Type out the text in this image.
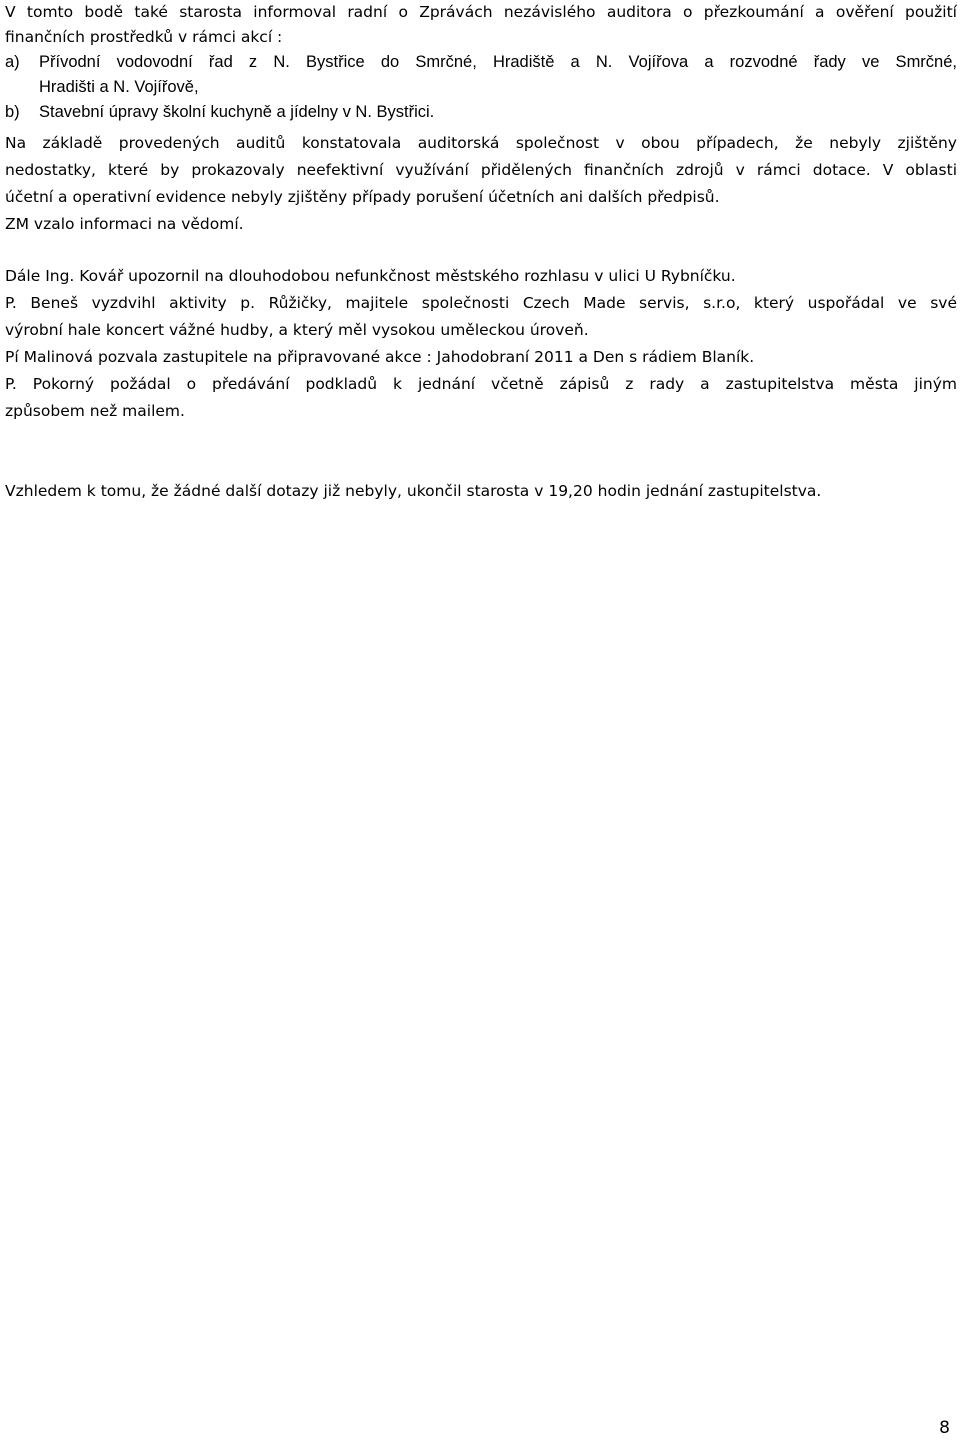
V tomto bodě také starosta informoval radní o Zprávách nezávislého auditora o přezkoumání a ověření použití
finančních prostředků v rámci akcí :
a) Přívodní vodovodní řad z N. Bystřice do Smrčné, Hradiště a N. Vojířova a rozvodné řady ve Smrčné,
Hradišti a N. Vojířově,
b) Stavební úpravy školní kuchyně a jídelny v N. Bystřici.
Na základě provedených auditů konstatovala auditorská společnost v obou případech, že nebyly zjištěny
nedostatky, které by prokazovaly neefektivní využívání přidělených finančních zdrojů v rámci dotace. V oblasti
účetní a operativní evidence nebyly zjištěny případy porušení účetních ani dalších předpisů.
ZM vzalo informaci na vědomí.
Dále Ing. Kovář upozornil na dlouhodobou nefunkčnost městského rozhlasu v ulici U Rybníčku.
P. Beneš vyzdvihl aktivity p. Růžičky, majitele společnosti Czech Made servis, s.r.o, který uspořádal ve své
výrobní hale koncert vážné hudby, a který měl vysokou uměleckou úroveň.
Pí Malinová pozvala zastupitele na připravované akce : Jahodobraní 2011 a Den s rádiem Blaník.
P. Pokorný požádal o předávání podkladů k jednání včetně zápisů z rady a zastupitelstva města jiným
způsobem než mailem.
Vzhledem k tomu, že žádné další dotazy již nebyly, ukončil starosta v 19,20 hodin jednání zastupitelstva.
8
